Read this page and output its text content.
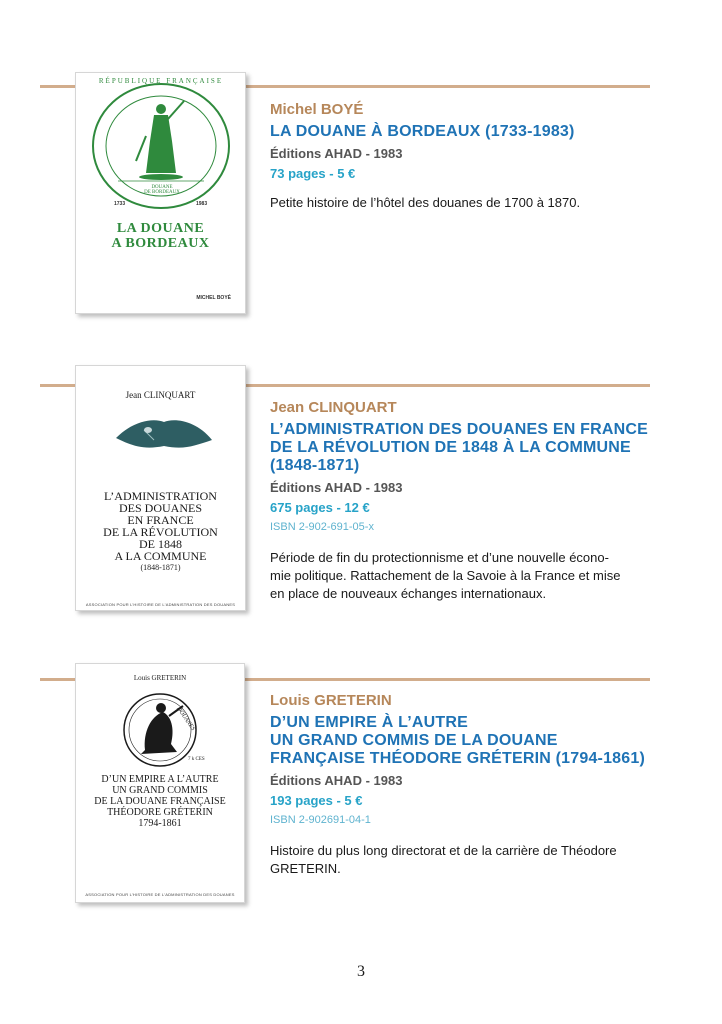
DOUANE
DE BORDEAUX
1733	1983
RÉPUBLIQUE FRANÇAISE
LA DOUANE
A BORDEAUX
MICHEL BOYÉ
Michel BOYÉ
LA DOUANE À BORDEAUX (1733-1983)
Éditions AHAD - 1983
73 pages - 5 €
Petite histoire de l’hôtel des douanes de 1700 à 1870.
Jean CLINQUART
L’ADMINISTRATION
DES DOUANES
EN FRANCE
DE LA RÉVOLUTION
DE 1848
A LA COMMUNE
(1848-1871)
ASSOCIATION POUR L’HISTOIRE DE L’ADMINISTRATION DES DOUANES
Jean CLINQUART
L’ADMINISTRATION DES DOUANES EN FRANCE
DE LA RÉVOLUTION DE 1848 À LA COMMUNE
(1848-1871)
Éditions AHAD - 1983
675 pages - 12 €
ISBN 2-902-691-05-x
Période de fin du protectionnisme et d’une nouvelle écono-
mie politique. Rattachement de la Savoie à la France et mise
en place de nouveaux échanges internationaux.
Louis GRETERIN
DOUANES
7 k CES
D’UN EMPIRE A L’AUTRE
UN GRAND COMMIS
DE LA DOUANE FRANÇAISE
THÉODORE GRÉTERIN
1794-1861
ASSOCIATION POUR L’HISTOIRE DE L’ADMINISTRATION DES DOUANES
Louis GRETERIN
D’UN EMPIRE À L’AUTRE
UN GRAND COMMIS DE LA DOUANE
FRANÇAISE THÉODORE GRÉTERIN (1794-1861)
Éditions AHAD - 1983
193 pages - 5 €
ISBN 2-902691-04-1
Histoire du plus long directorat et de la carrière de Théodore
GRETERIN.
3
